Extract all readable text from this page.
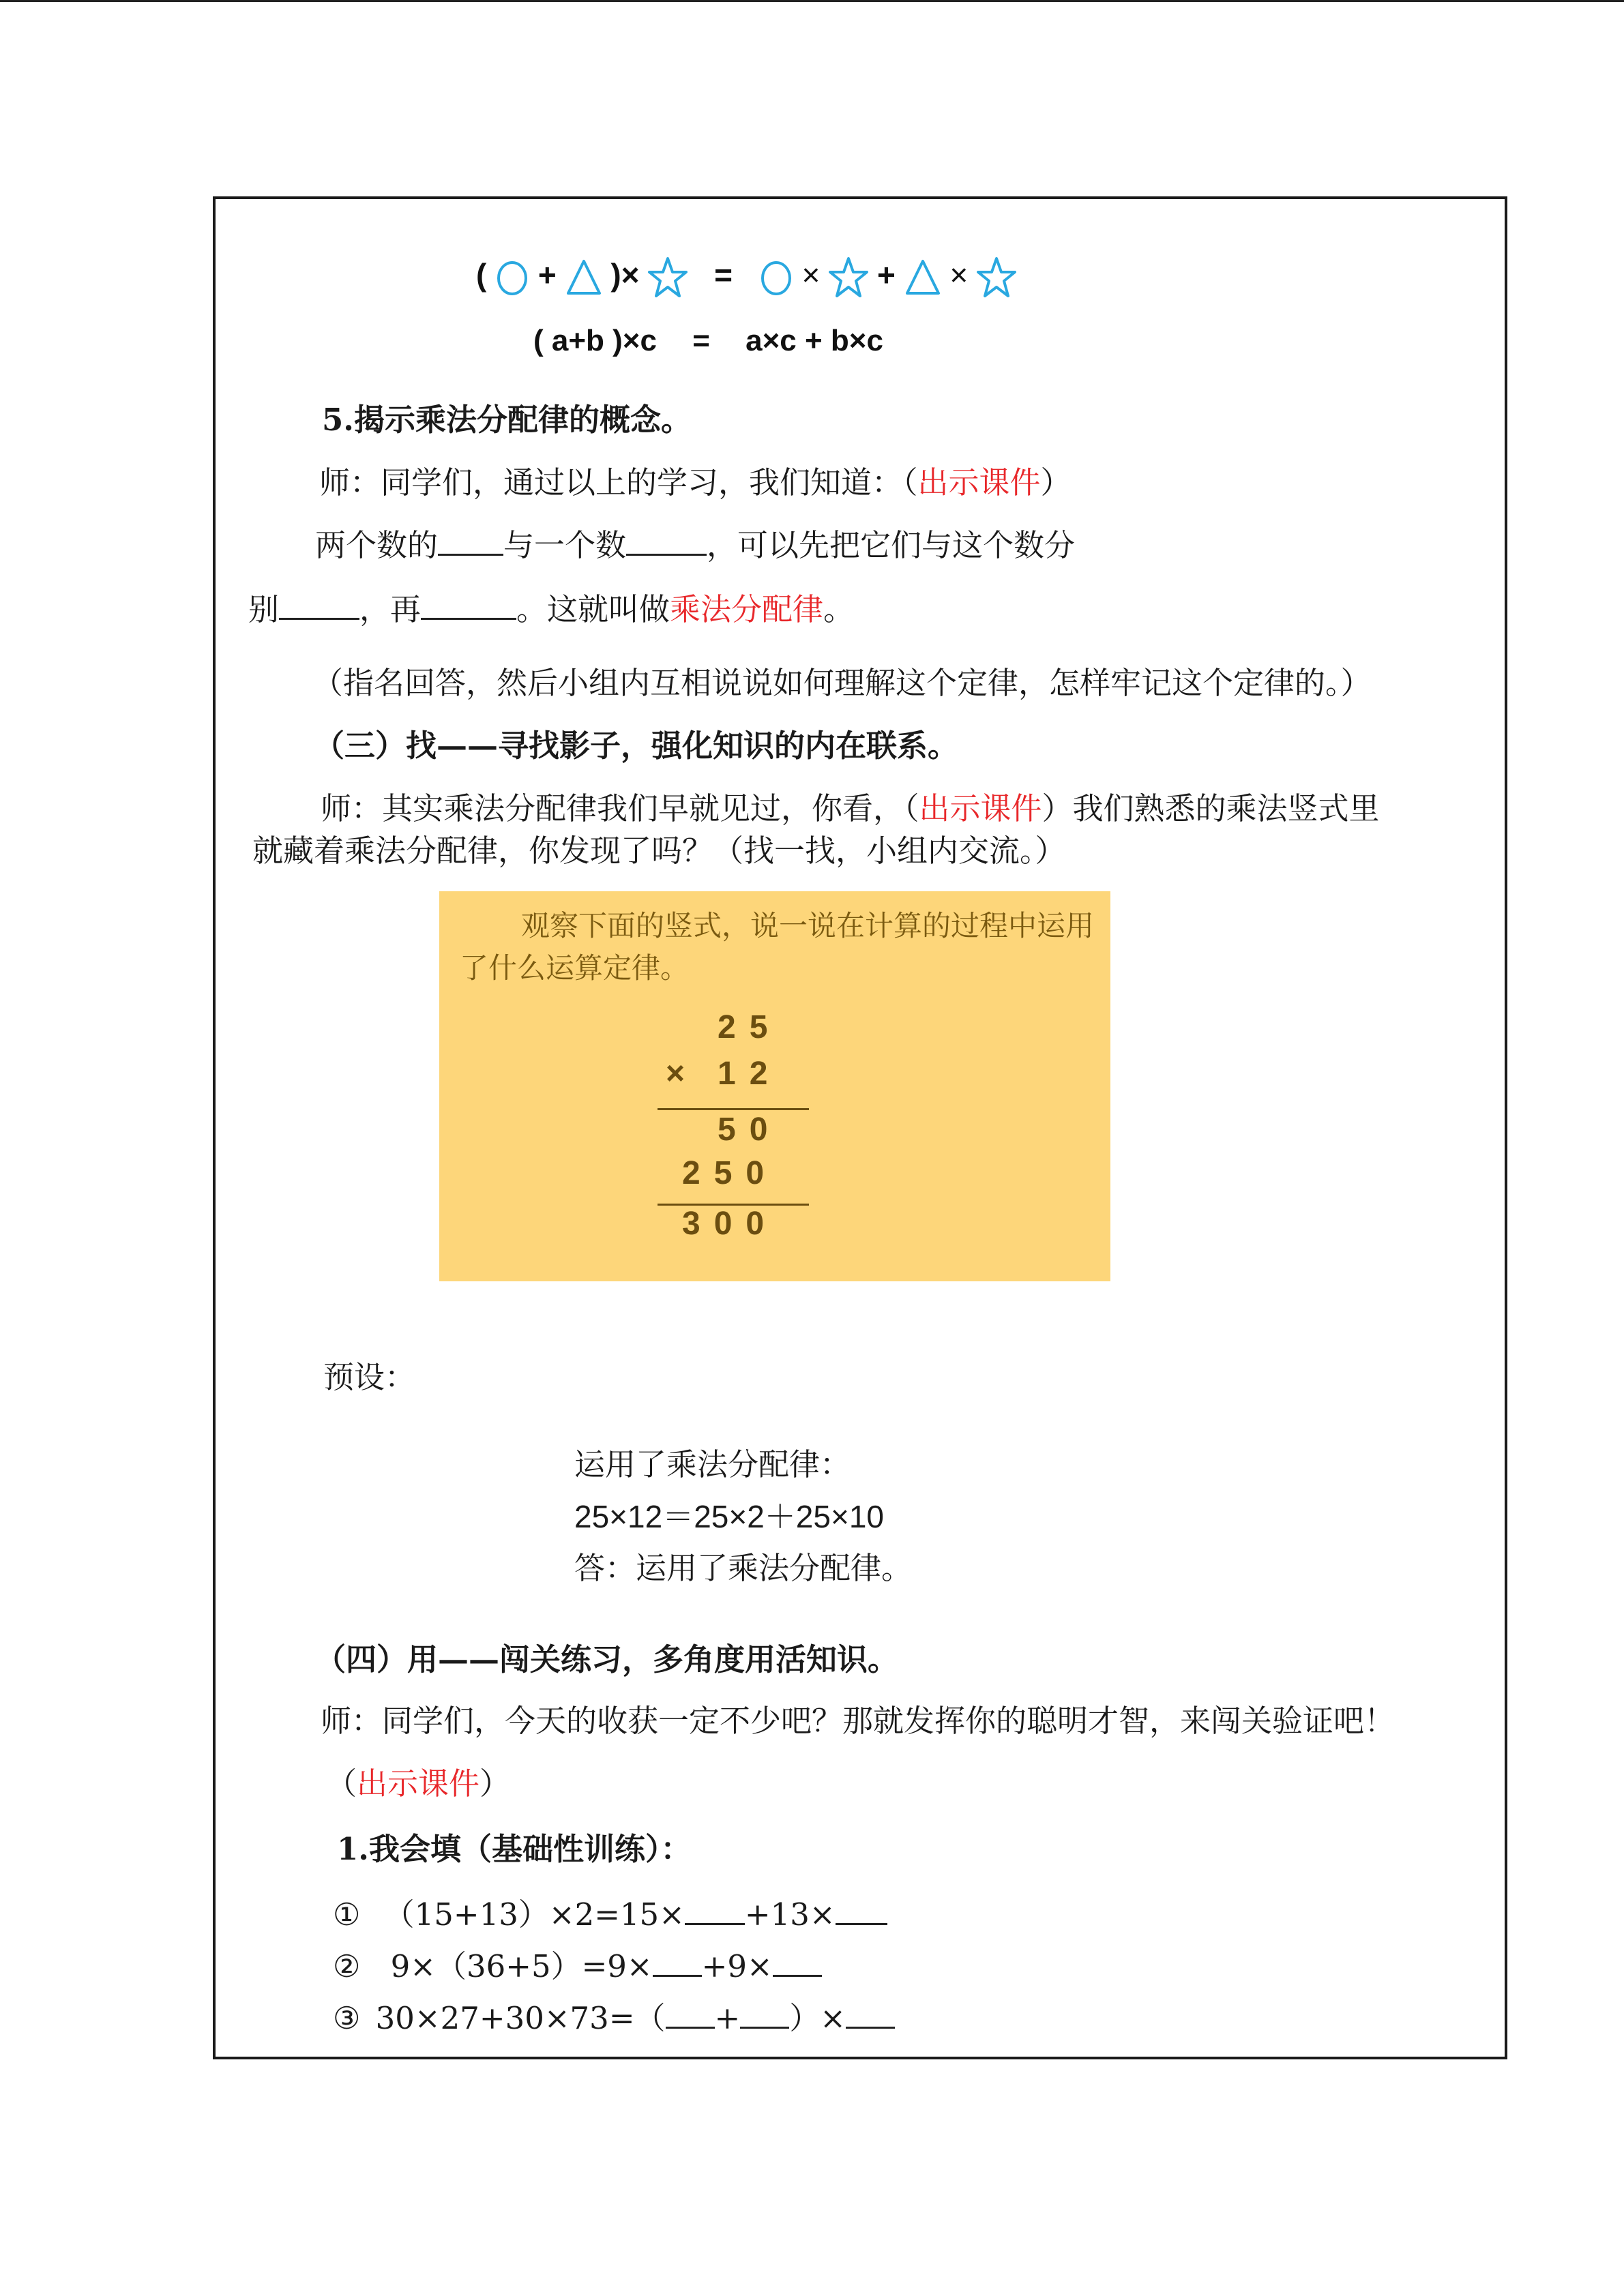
( + )× = × + ×
( a+b )×c = a×c + b×c
5.揭示乘法分配律的概念。
师：同学们，通过以上的学习，我们知道：（出示课件）
两个数的 与一个数	，可以先把它们与这个数分
别	，再	。这就叫做乘法分配律。
（指名回答，然后小组内互相说说如何理解这个定律，怎样牢记这个定律的。）
（三）找——寻找影子，强化知识的内在联系。
师：其实乘法分配律我们早就见过，你看，（出示课件）我们熟悉的乘法竖式里
就藏着乘法分配律，你发现了吗？（找一找，小组内交流。）
观察下面的竖式，说一说在计算的过程中运用了什么运算定律。
25
× 12
50
250
300
预设：
运用了乘法分配律：
25×12＝25×2＋25×10
答：运用了乘法分配律。
（四）用——闯关练习，多角度用活知识。
师：同学们，今天的收获一定不少吧？那就发挥你的聪明才智，来闯关验证吧！
（出示课件）
1.我会填（基础性训练）：
① （15+13）×2=15× +13×
② 9×（36+5）=9× +9×
③ 30×27+30×73=（ + ）×
